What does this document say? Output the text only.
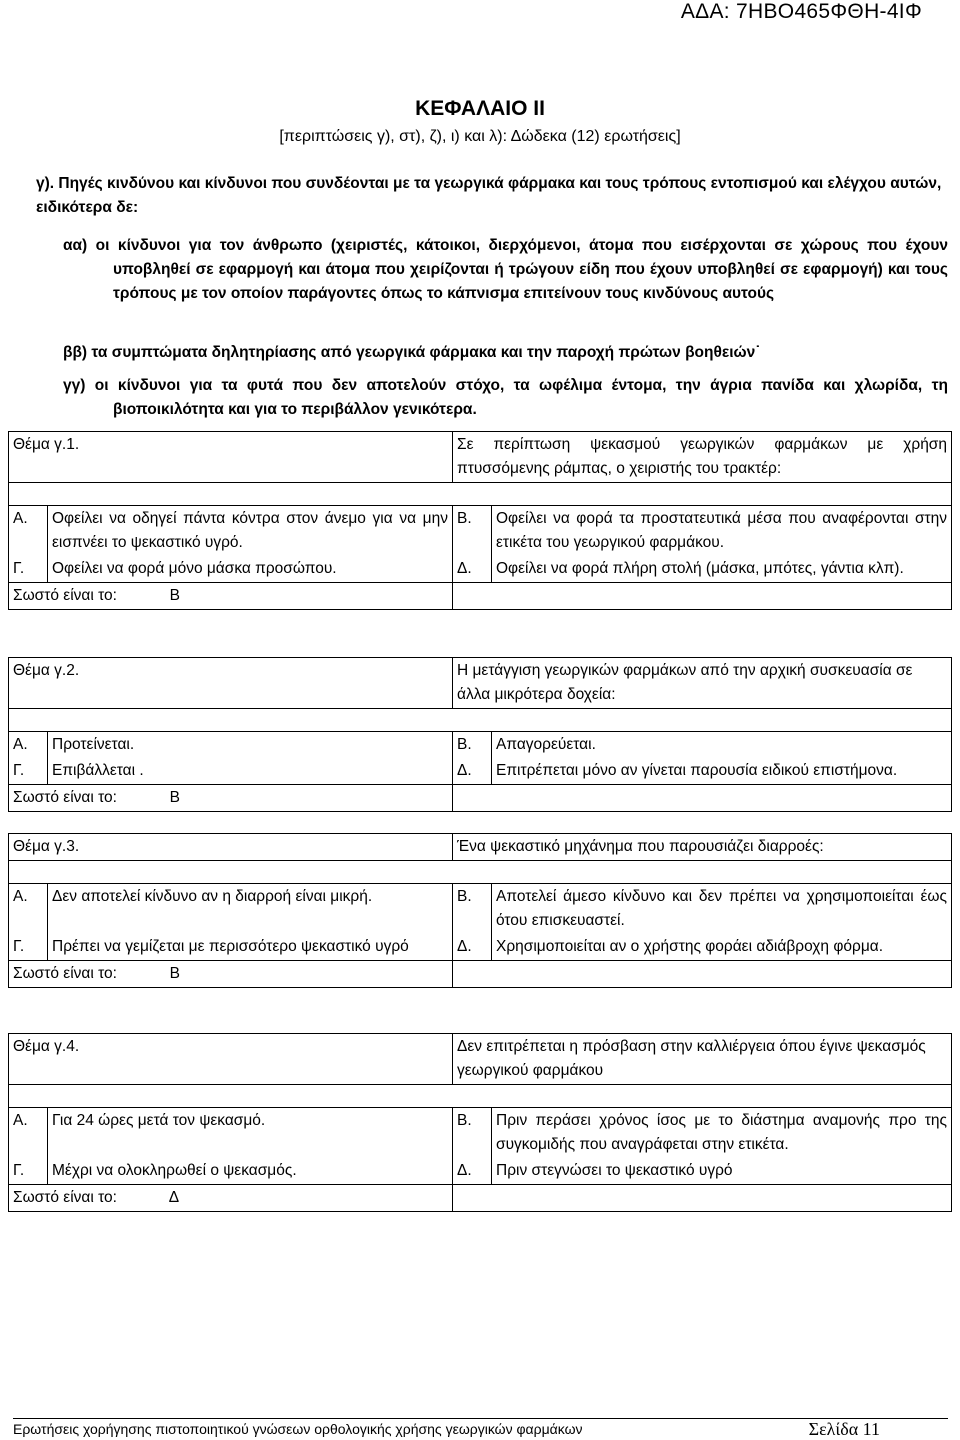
ΑΔΑ: 7ΗΒΟ465ΦΘΗ-4ΙΦ
ΚΕΦΑΛΑΙΟ ΙΙ
[περιπτώσεις γ), στ), ζ), ι) και λ): Δώδεκα (12) ερωτήσεις]
γ). Πηγές κινδύνου και κίνδυνοι που συνδέονται με τα γεωργικά φάρμακα και τους τρόπους εντοπισμού και ελέγχου αυτών, ειδικότερα δε:
αα) οι κίνδυνοι για τον άνθρωπο (χειριστές, κάτοικοι, διερχόμενοι, άτομα που εισέρχονται σε χώρους που έχουν υποβληθεί σε εφαρμογή και άτομα που χειρίζονται ή τρώγουν είδη που έχουν υποβληθεί σε εφαρμογή) και τους τρόπους με τον οποίον παράγοντες όπως το κάπνισμα επιτείνουν τους κινδύνους αυτούς
ββ) τα συμπτώματα δηλητηρίασης από γεωργικά φάρμακα και την παροχή πρώτων βοηθειών˙
γγ) οι κίνδυνοι για τα φυτά που δεν αποτελούν στόχο, τα ωφέλιμα έντομα, την άγρια πανίδα και χλωρίδα, τη βιοποικιλότητα και για το περιβάλλον γενικότερα.
Θέμα γ.1.		Σε περίπτωση ψεκασμού γεωργικών φαρμάκων με χρήση πτυσσόμενης ράμπας, ο χειριστής του τρακτέρ:	

Α.	Οφείλει να οδηγεί πάντα κόντρα στον άνεμο για να μην εισπνέει το ψεκαστικό υγρό.	Β.	Οφείλει να φορά τα προστατευτικά μέσα που αναφέρονται στην ετικέτα του γεωργικού φαρμάκου.
Γ.	Οφείλει να φορά μόνο μάσκα προσώπου.	Δ.	Οφείλει να φορά πλήρη στολή (μάσκα, μπότες, γάντια κλπ).
Σωστό είναι το: Β			
Θέμα γ.2.		Η μετάγγιση γεωργικών φαρμάκων από την αρχική συσκευασία σε άλλα μικρότερα δοχεία:	

Α.	Προτείνεται.	Β.	Απαγορεύεται.
Γ.	Επιβάλλεται .	Δ.	Επιτρέπεται μόνο αν γίνεται παρουσία ειδικού επιστήμονα.
Σωστό είναι το: Β			
Θέμα γ.3.		Ένα ψεκαστικό μηχάνημα που παρουσιάζει διαρροές:	

Α.	Δεν αποτελεί κίνδυνο αν η διαρροή είναι μικρή.	Β.	Αποτελεί άμεσο κίνδυνο και δεν πρέπει να χρησιμοποιείται έως ότου επισκευαστεί.
Γ.	Πρέπει να γεμίζεται με περισσότερο ψεκαστικό υγρό	Δ.	Χρησιμοποιείται αν ο χρήστης φοράει αδιάβροχη φόρμα.
Σωστό είναι το: Β			
Θέμα γ.4.		Δεν επιτρέπεται η πρόσβαση στην καλλιέργεια όπου έγινε ψεκασμός γεωργικού φαρμάκου	

Α.	Για 24 ώρες μετά τον ψεκασμό.	Β.	Πριν περάσει χρόνος ίσος με το διάστημα αναμονής προ της συγκομιδής που αναγράφεται στην ετικέτα.
Γ.	Μέχρι να ολοκληρωθεί ο ψεκασμός.	Δ.	Πριν στεγνώσει το ψεκαστικό υγρό
Σωστό είναι το: Δ			
Ερωτήσεις χορήγησης πιστοποιητικού γνώσεων ορθολογικής χρήσης γεωργικών φαρμάκων	Σελίδα 11
